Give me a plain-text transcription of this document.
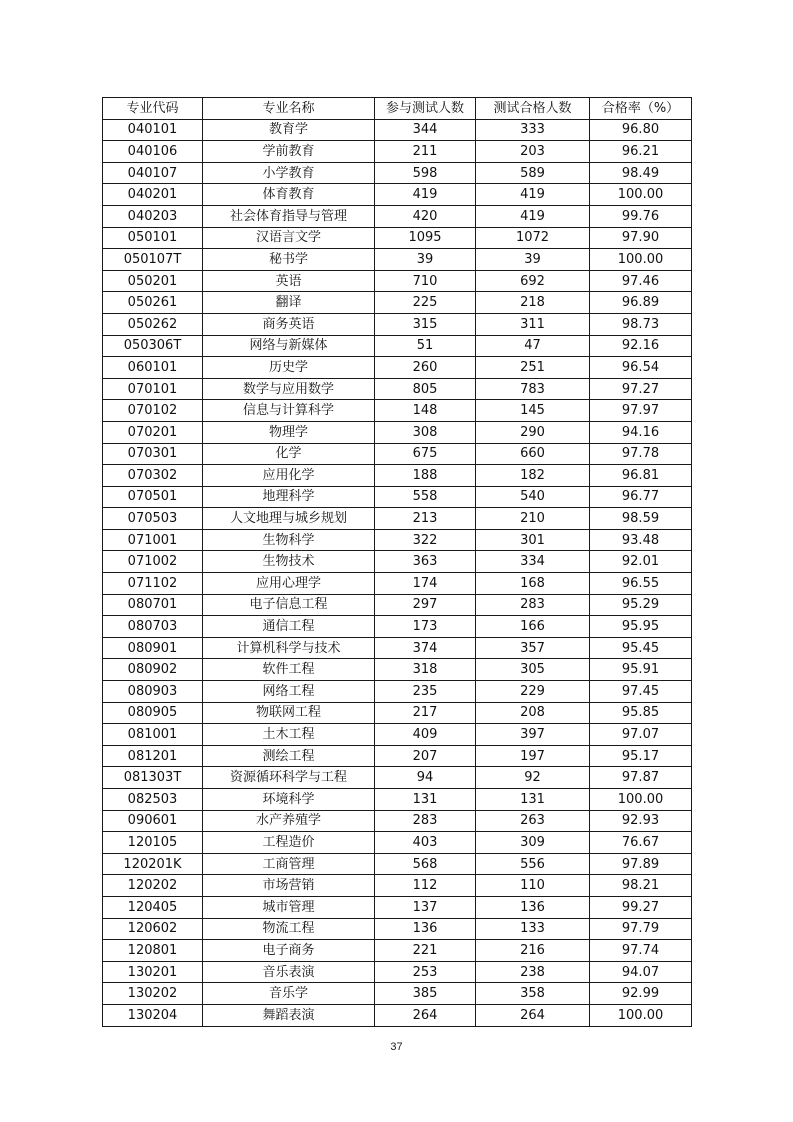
专业代码	专业名称	参与测试人数	测试合格人数	合格率（%）
040101	教育学	344	333	96.80
040106	学前教育	211	203	96.21
040107	小学教育	598	589	98.49
040201	体育教育	419	419	100.00
040203	社会体育指导与管理	420	419	99.76
050101	汉语言文学	1095	1072	97.90
050107T	秘书学	39	39	100.00
050201	英语	710	692	97.46
050261	翻译	225	218	96.89
050262	商务英语	315	311	98.73
050306T	网络与新媒体	51	47	92.16
060101	历史学	260	251	96.54
070101	数学与应用数学	805	783	97.27
070102	信息与计算科学	148	145	97.97
070201	物理学	308	290	94.16
070301	化学	675	660	97.78
070302	应用化学	188	182	96.81
070501	地理科学	558	540	96.77
070503	人文地理与城乡规划	213	210	98.59
071001	生物科学	322	301	93.48
071002	生物技术	363	334	92.01
071102	应用心理学	174	168	96.55
080701	电子信息工程	297	283	95.29
080703	通信工程	173	166	95.95
080901	计算机科学与技术	374	357	95.45
080902	软件工程	318	305	95.91
080903	网络工程	235	229	97.45
080905	物联网工程	217	208	95.85
081001	土木工程	409	397	97.07
081201	测绘工程	207	197	95.17
081303T	资源循环科学与工程	94	92	97.87
082503	环境科学	131	131	100.00
090601	水产养殖学	283	263	92.93
120105	工程造价	403	309	76.67
120201K	工商管理	568	556	97.89
120202	市场营销	112	110	98.21
120405	城市管理	137	136	99.27
120602	物流工程	136	133	97.79
120801	电子商务	221	216	97.74
130201	音乐表演	253	238	94.07
130202	音乐学	385	358	92.99
130204	舞蹈表演	264	264	100.00
37
